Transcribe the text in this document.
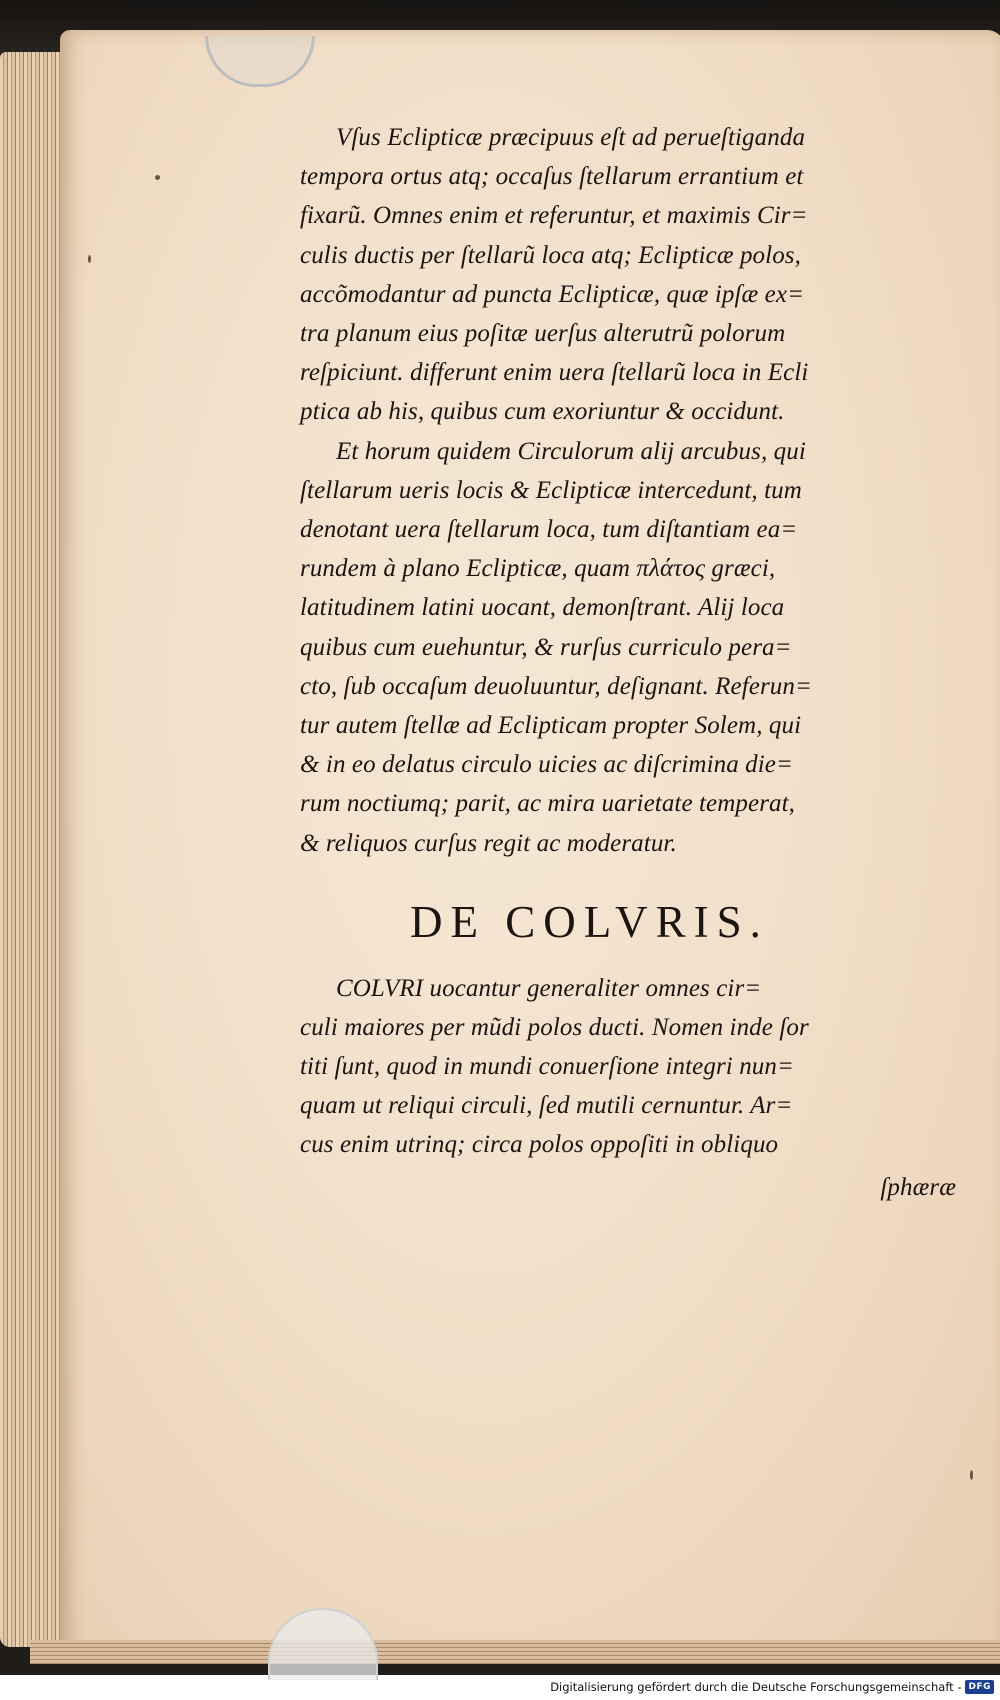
Vſus Eclipticæ præcipuus eſt ad perueſtiganda
tempora ortus atq; occaſus ſtellarum errantium et
fixarũ. Omnes enim et referuntur, et maximis Cir=
culis ductis per ſtellarũ loca atq; Eclipticæ polos,
accõmodantur ad puncta Eclipticæ, quæ ipſæ ex=
tra planum eius poſitæ uerſus alterutrũ polorum
reſpiciunt. differunt enim uera ſtellarũ loca in Ecli
ptica ab his, quibus cum exoriuntur & occidunt.
Et horum quidem Circulorum alij arcubus, qui
ſtellarum ueris locis & Eclipticæ intercedunt, tum
denotant uera ſtellarum loca, tum diſtantiam ea=
rundem à plano Eclipticæ, quam πλάτος græci,
latitudinem latini uocant, demonſtrant. Alij loca
quibus cum euehuntur, & rurſus curriculo pera=
cto, ſub occaſum deuoluuntur, deſignant. Referun=
tur autem ſtellæ ad Eclipticam propter Solem, qui
& in eo delatus circulo uicies ac diſcrimina die=
rum noctiumq; parit, ac mira uarietate temperat,
& reliquos curſus regit ac moderatur.
DE COLVRIS.
COLVRI uocantur generaliter omnes cir=
culi maiores per mũdi polos ducti. Nomen inde ſor
titi ſunt, quod in mundi conuerſione integri nun=
quam ut reliqui circuli, ſed mutili cernuntur. Ar=
cus enim utrinq; circa polos oppoſiti in obliquo
ſphæræ
Digitalisierung gefördert durch die Deutsche Forschungsgemeinschaft - DFG
